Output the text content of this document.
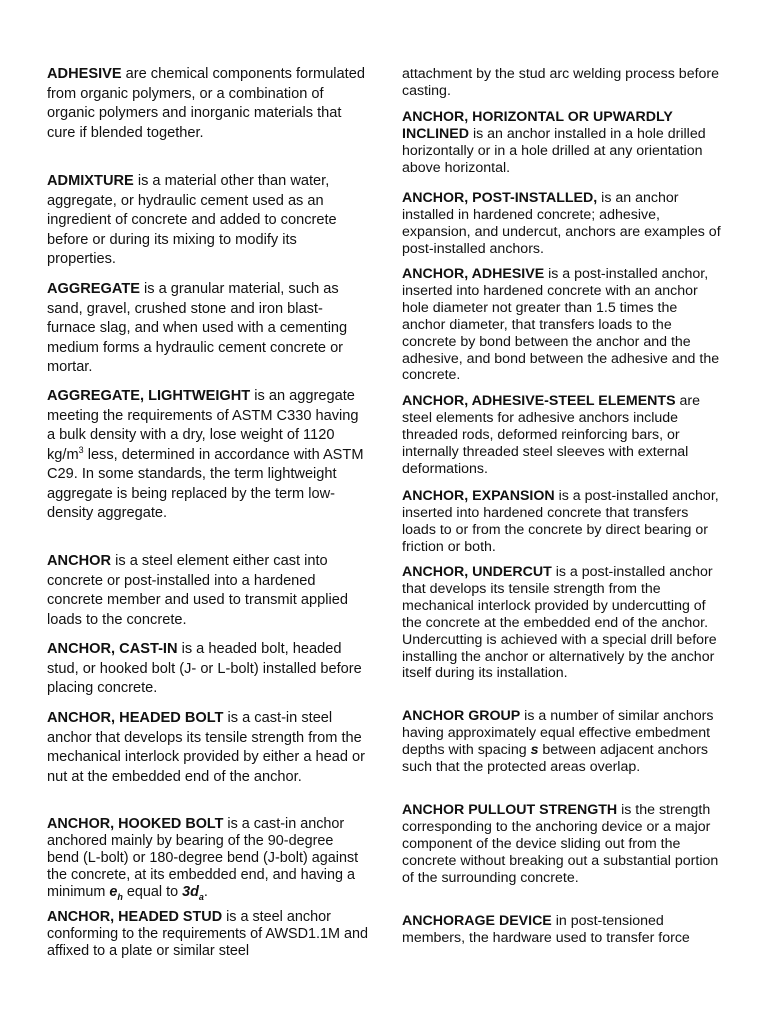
ADHESIVE are chemical components formulated from organic polymers, or a combination of organic polymers and inorganic materials that cure if blended together.

ADMIXTURE is a material other than water, aggregate, or hydraulic cement used as an ingredient of concrete and added to concrete before or during its mixing to modify its properties.

AGGREGATE is a granular material, such as sand, gravel, crushed stone and iron blast-furnace slag, and when used with a cementing medium forms a hydraulic cement concrete or mortar.

AGGREGATE, LIGHTWEIGHT is an aggregate meeting the requirements of ASTM C330 having a bulk density with a dry, lose weight of 1120 $kg/m^3$ less, determined in accordance with ASTM C29. In some standards, the term lightweight aggregate is being replaced by the term low-density aggregate.

ANCHOR is a steel element either cast into concrete or post-installed into a hardened concrete member and used to transmit applied loads to the concrete.

ANCHOR, CAST-IN is a headed bolt, headed stud, or hooked bolt (J- or L-bolt) installed before placing concrete.

ANCHOR, HEADED BOLT is a cast-in steel anchor that develops its tensile strength from the mechanical interlock provided by either a head or nut at the embedded end of the anchor.

ANCHOR, HOOKED BOLT is a cast-in anchor anchored mainly by bearing of the 90-degree bend (L-bolt) or 180-degree bend (J-bolt) against the concrete, at its embedded end, and having a minimum $e_h$ equal to $3d_a$.

ANCHOR, HEADED STUD is a steel anchor conforming to the requirements of AWSD1.1M and affixed to a plate or similar steel

attachment by the stud arc welding process before casting.

ANCHOR, HORIZONTAL OR UPWARDLY INCLINED is an anchor installed in a hole drilled horizontally or in a hole drilled at any orientation above horizontal.

ANCHOR, POST-INSTALLED, is an anchor installed in hardened concrete; adhesive, expansion, and undercut, anchors are examples of post-installed anchors.

ANCHOR, ADHESIVE is a post-installed anchor, inserted into hardened concrete with an anchor hole diameter not greater than 1.5 times the anchor diameter, that transfers loads to the concrete by bond between the anchor and the adhesive, and bond between the adhesive and the concrete.

ANCHOR, ADHESIVE-STEEL ELEMENTS are steel elements for adhesive anchors include threaded rods, deformed reinforcing bars, or internally threaded steel sleeves with external deformations.

ANCHOR, EXPANSION is a post-installed anchor, inserted into hardened concrete that transfers loads to or from the concrete by direct bearing or friction or both.

ANCHOR, UNDERCUT is a post-installed anchor that develops its tensile strength from the mechanical interlock provided by undercutting of the concrete at the embedded end of the anchor. Undercutting is achieved with a special drill before installing the anchor or alternatively by the anchor itself during its installation.

ANCHOR GROUP is a number of similar anchors having approximately equal effective embedment depths with spacing s between adjacent anchors such that the protected areas overlap.

ANCHOR PULLOUT STRENGTH is the strength corresponding to the anchoring device or a major component of the device sliding out from the concrete without breaking out a substantial portion of the surrounding concrete.

ANCHORAGE DEVICE in post-tensioned members, the hardware used to transfer force
